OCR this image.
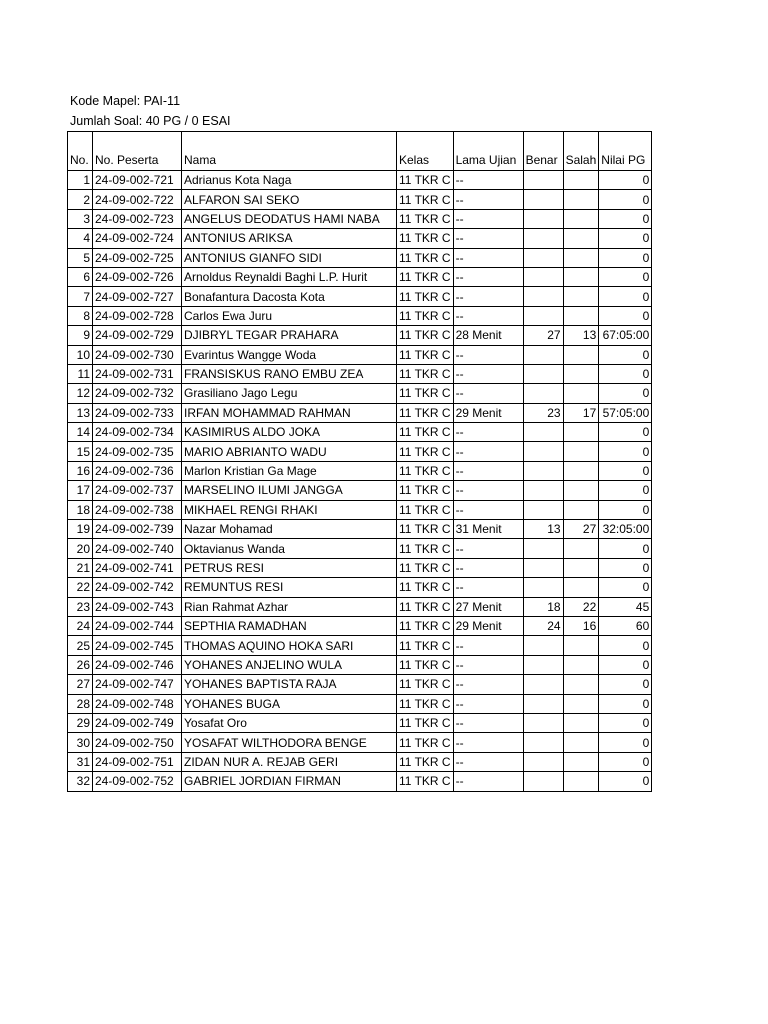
Kode Mapel: PAI-11
Jumlah Soal: 40 PG / 0 ESAI
No.	No. Peserta	Nama	Kelas	Lama Ujian	Benar	Salah	Nilai PG
1	24-09-002-721	Adrianus Kota Naga	11 TKR C	--			0
2	24-09-002-722	ALFARON SAI SEKO	11 TKR C	--			0
3	24-09-002-723	ANGELUS DEODATUS HAMI NABA	11 TKR C	--			0
4	24-09-002-724	ANTONIUS ARIKSA	11 TKR C	--			0
5	24-09-002-725	ANTONIUS GIANFO SIDI	11 TKR C	--			0
6	24-09-002-726	Arnoldus Reynaldi Baghi L.P. Hurit	11 TKR C	--			0
7	24-09-002-727	Bonafantura Dacosta Kota	11 TKR C	--			0
8	24-09-002-728	Carlos Ewa Juru	11 TKR C	--			0
9	24-09-002-729	DJIBRYL TEGAR PRAHARA	11 TKR C	28 Menit	27	13	67:05:00
10	24-09-002-730	Evarintus Wangge Woda	11 TKR C	--			0
11	24-09-002-731	FRANSISKUS RANO EMBU ZEA	11 TKR C	--			0
12	24-09-002-732	Grasiliano Jago Legu	11 TKR C	--			0
13	24-09-002-733	IRFAN MOHAMMAD RAHMAN	11 TKR C	29 Menit	23	17	57:05:00
14	24-09-002-734	KASIMIRUS ALDO JOKA	11 TKR C	--			0
15	24-09-002-735	MARIO ABRIANTO WADU	11 TKR C	--			0
16	24-09-002-736	Marlon Kristian Ga Mage	11 TKR C	--			0
17	24-09-002-737	MARSELINO ILUMI JANGGA	11 TKR C	--			0
18	24-09-002-738	MIKHAEL RENGI RHAKI	11 TKR C	--			0
19	24-09-002-739	Nazar Mohamad	11 TKR C	31 Menit	13	27	32:05:00
20	24-09-002-740	Oktavianus Wanda	11 TKR C	--			0
21	24-09-002-741	PETRUS RESI	11 TKR C	--			0
22	24-09-002-742	REMUNTUS RESI	11 TKR C	--			0
23	24-09-002-743	Rian Rahmat Azhar	11 TKR C	27 Menit	18	22	45
24	24-09-002-744	SEPTHIA RAMADHAN	11 TKR C	29 Menit	24	16	60
25	24-09-002-745	THOMAS AQUINO HOKA SARI	11 TKR C	--			0
26	24-09-002-746	YOHANES ANJELINO WULA	11 TKR C	--			0
27	24-09-002-747	YOHANES BAPTISTA RAJA	11 TKR C	--			0
28	24-09-002-748	YOHANES BUGA	11 TKR C	--			0
29	24-09-002-749	Yosafat Oro	11 TKR C	--			0
30	24-09-002-750	YOSAFAT WILTHODORA BENGE	11 TKR C	--			0
31	24-09-002-751	ZIDAN NUR A. REJAB GERI	11 TKR C	--			0
32	24-09-002-752	GABRIEL JORDIAN FIRMAN	11 TKR C	--			0
